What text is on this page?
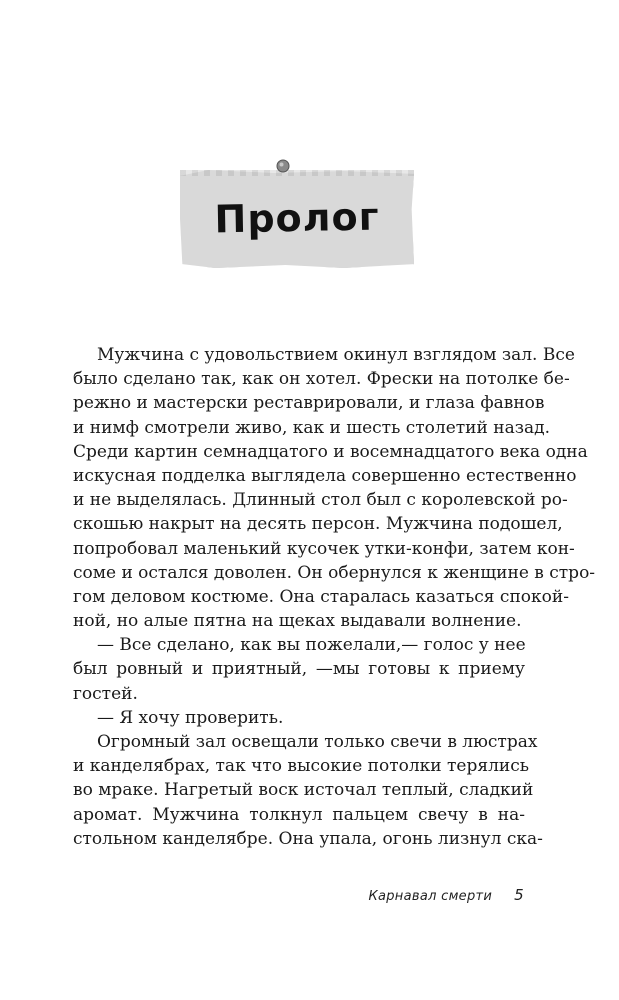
Пролог
Мужчина с удовольствием окинул взглядом зал. Все
было сделано так, как он хотел. Фрески на потолке бе-
режно и мастерски реставрировали, и глаза фавнов
и нимф смотрели живо, как и шесть столетий назад.
Среди картин семнадцатого и восемнадцатого века одна
искусная подделка выглядела совершенно естественно
и не выделялась. Длинный стол был с королевской ро-
скошью накрыт на десять персон. Мужчина подошел,
попробовал маленький кусочек утки-конфи, затем кон-
соме и остался доволен. Он обернулся к женщине в стро-
гом деловом костюме. Она старалась казаться спокой-
ной, но алые пятна на щеках выдавали волнение.
— Все сделано, как вы пожелали,— голос у нее
был ровный и приятный, —мы готовы к приему
гостей.
— Я хочу проверить.
Огромный зал освещали только свечи в люстрах
и канделябрах, так что высокие потолки терялись
во мраке. Нагретый воск источал теплый, сладкий
аромат. Мужчина толкнул пальцем свечу в на-
стольном канделябре. Она упала, огонь лизнул ска-
Карнавал смерти 5
